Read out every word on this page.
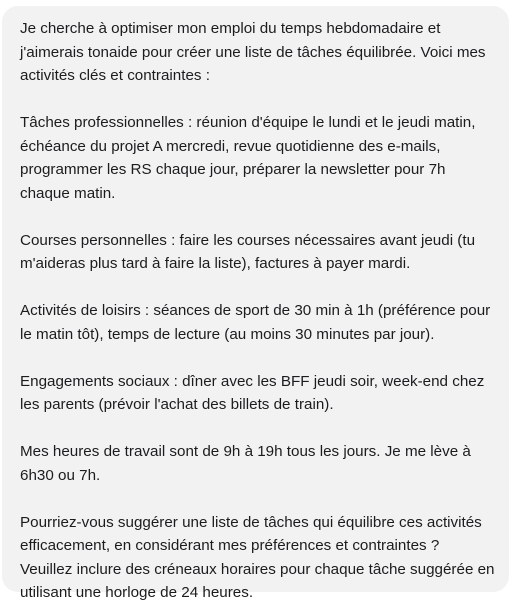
Je cherche à optimiser mon emploi du temps hebdomadaire et j'aimerais tonaide pour créer une liste de tâches équilibrée. Voici mes activités clés et contraintes :

Tâches professionnelles : réunion d'équipe le lundi et le jeudi matin, échéance du projet A mercredi, revue quotidienne des e-mails, programmer les RS chaque jour, préparer la newsletter pour 7h chaque matin.

Courses personnelles : faire les courses nécessaires avant jeudi (tu m'aideras plus tard à faire la liste), factures à payer mardi.

Activités de loisirs : séances de sport de 30 min à 1h (préférence pour le matin tôt), temps de lecture (au moins 30 minutes par jour).

Engagements sociaux : dîner avec les BFF jeudi soir, week-end chez les parents (prévoir l'achat des billets de train).

Mes heures de travail sont de 9h à 19h tous les jours. Je me lève à 6h30 ou 7h.

Pourriez-vous suggérer une liste de tâches qui équilibre ces activités efficacement, en considérant mes préférences et contraintes ? Veuillez inclure des créneaux horaires pour chaque tâche suggérée en utilisant une horloge de 24 heures.
